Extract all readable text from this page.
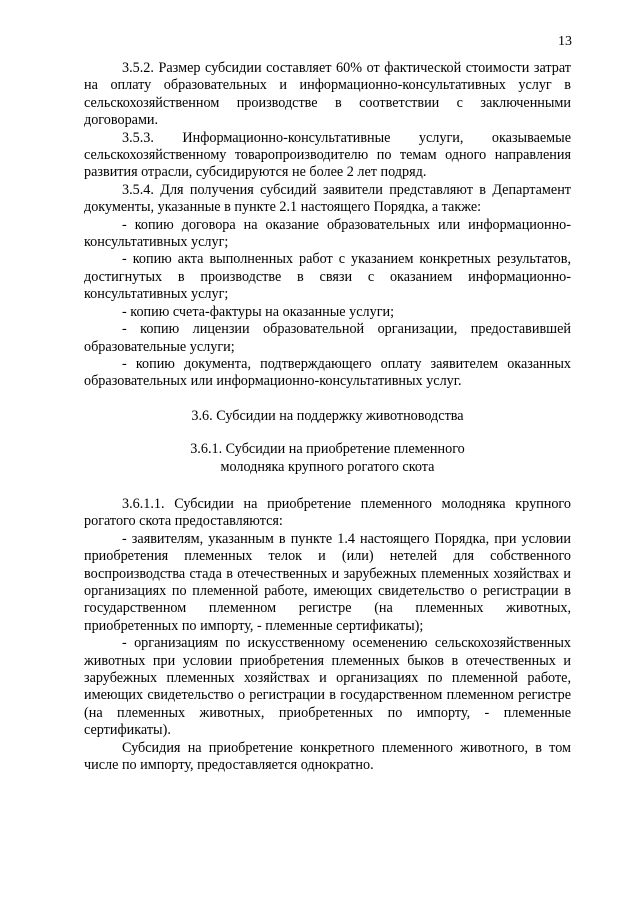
13

3.5.2. Размер субсидии составляет 60% от фактической стоимости затрат на оплату образовательных и информационно-консультативных услуг в сельскохозяйственном производстве в соответствии с заключенными договорами.

3.5.3. Информационно-консультативные услуги, оказываемые сельскохозяйственному товаропроизводителю по темам одного направления развития отрасли, субсидируются не более 2 лет подряд.

3.5.4. Для получения субсидий заявители представляют в Департамент документы, указанные в пункте 2.1 настоящего Порядка, а также:

- копию договора на оказание образовательных или информационно-консультативных услуг;

- копию акта выполненных работ с указанием конкретных результатов, достигнутых в производстве в связи с оказанием информационно-консультативных услуг;

- копию счета-фактуры на оказанные услуги;

- копию лицензии образовательной организации, предоставившей образовательные услуги;

- копию документа, подтверждающего оплату заявителем оказанных образовательных или информационно-консультативных услуг.

3.6. Субсидии на поддержку животноводства

3.6.1. Субсидии на приобретение племенного

молодняка крупного рогатого скота

3.6.1.1. Субсидии на приобретение племенного молодняка крупного рогатого скота предоставляются:

- заявителям, указанным в пункте 1.4 настоящего Порядка, при условии приобретения племенных телок и (или) нетелей для собственного воспроизводства стада в отечественных и зарубежных племенных хозяйствах и организациях по племенной работе, имеющих свидетельство о регистрации в государственном племенном регистре (на племенных животных, приобретенных по импорту, - племенные сертификаты);

- организациям по искусственному осеменению сельскохозяйственных животных при условии приобретения племенных быков в отечественных и зарубежных племенных хозяйствах и организациях по племенной работе, имеющих свидетельство о регистрации в государственном племенном регистре (на племенных животных, приобретенных по импорту, - племенные сертификаты).

Субсидия на приобретение конкретного племенного животного, в том числе по импорту, предоставляется однократно.
